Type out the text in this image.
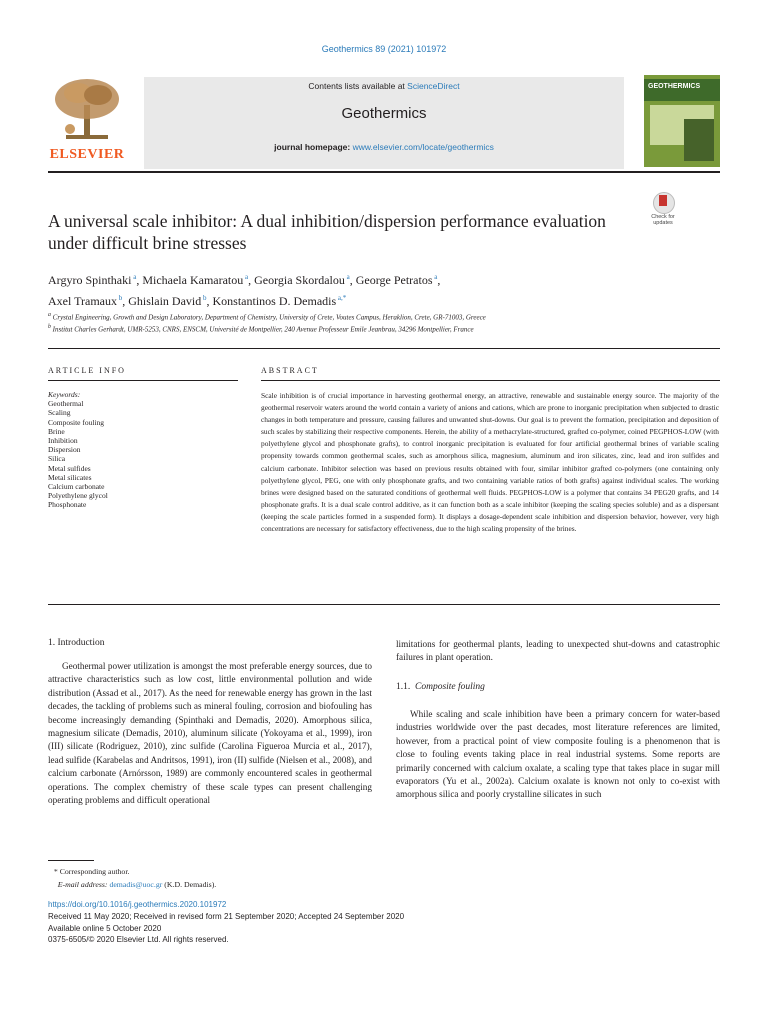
Geothermics 89 (2021) 101972
ELSEVIER
Contents lists available at ScienceDirect
Geothermics
journal homepage: www.elsevier.com/locate/geothermics
GEOTHERMICS
A universal scale inhibitor: A dual inhibition/dispersion performance evaluation under difficult brine stresses
Check for updates
Argyro Spinthaki $^a$, Michaela Kamaratou $^a$, Georgia Skordalou $^a$, George Petratos $^a$,
Axel Tramaux $^b$, Ghislain David $^b$, Konstantinos D. Demadis $^{a,*}$
$^a$ Crystal Engineering, Growth and Design Laboratory, Department of Chemistry, University of Crete, Voutes Campus, Heraklion, Crete, GR-71003, Greece
$^b$ Institut Charles Gerhardt, UMR-5253, CNRS, ENSCM, Université de Montpellier, 240 Avenue Professeur Emile Jeanbrau, 34296 Montpellier, France
ARTICLE INFO	ABSTRACT
Keywords:
Geothermal
Scaling
Composite fouling
Brine
Inhibition
Dispersion
Silica
Metal sulfides
Metal silicates
Calcium carbonate
Polyethylene glycol
Phosphonate
Scale inhibition is of crucial importance in harvesting geothermal energy, an attractive, renewable and sustainable energy source. The majority of the geothermal reservoir waters around the world contain a variety of anions and cations, which are prone to inorganic precipitation when subjected to drastic changes in both temperature and pressure, causing failures and unwanted shut-downs. Our goal is to prevent the formation, precipitation and deposition of such scales by stabilizing their respective components. Herein, the ability of a methacrylate-structured, grafted co-polymer, coined PEGPHOS-LOW (with polyethylene glycol and phosphonate grafts), to control inorganic precipitation is evaluated for four artificial geothermal brines of variable scaling propensity towards common geothermal scales, such as amorphous silica, magnesium, aluminum and iron silicates, zinc, lead and iron sulfides and calcium carbonate. Inhibitor selection was based on previous results obtained with four, similar inhibitor grafted co-polymers (one containing only polyethylene glycol, PEG, one with only phosphonate grafts, and two containing variable ratios of both grafts) against individual scales. The working brines were designed based on the saturated conditions of geothermal well fluids. PEGPHOS-LOW is a polymer that contains 34 PEG20 grafts, and 14 phosphonate grafts. It is a dual scale control additive, as it can function both as a scale inhibitor (keeping the scaling species soluble) and as a dispersant (keeping the scale particles formed in a suspended form). It displays a dosage-dependent scale inhibition and dispersion behavior, however, very high concentrations are necessary for satisfactory effectiveness, due to the high scaling propensity of the brines.
1. Introduction

Geothermal power utilization is amongst the most preferable energy sources, due to attractive characteristics such as low cost, little environmental pollution and wide distribution (Assad et al., 2017). As the need for renewable energy has grown in the last decades, the tackling of problems such as mineral fouling, corrosion and biofouling has become increasingly demanding (Spinthaki and Demadis, 2020). Amorphous silica, magnesium silicate (Demadis, 2010), aluminum silicate (Yokoyama et al., 1999), iron (III) silicate (Rodriguez, 2010), zinc sulfide (Carolina Figueroa Murcia et al., 2017), lead sulfide (Karabelas and Andritsos, 1991), iron (II) sulfide (Nielsen et al., 2008), and calcium carbonate (Arnórsson, 1989) are commonly encountered scales in geothermal operations. The complex chemistry of these scale types can present challenging operating problems and difficult operational

limitations for geothermal plants, leading to unexpected shut-downs and catastrophic failures in plant operation.
1.1. Composite fouling

While scaling and scale inhibition have been a primary concern for water-based industries worldwide over the past decades, most literature references are limited, however, from a practical point of view composite fouling is a phenomenon that is close to fouling events taking place in real industrial systems. Some reports are primarily concerned with calcium oxalate, a scaling type that takes place in sugar mill evaporators (Yu et al., 2002a). Calcium oxalate is known not only to co-exist with amorphous silica and poorly crystalline silicates in such

* Corresponding author.
E-mail address: demadis@uoc.gr (K.D. Demadis).
https://doi.org/10.1016/j.geothermics.2020.101972
Received 11 May 2020; Received in revised form 21 September 2020; Accepted 24 September 2020
Available online 5 October 2020
0375-6505/© 2020 Elsevier Ltd. All rights reserved.
